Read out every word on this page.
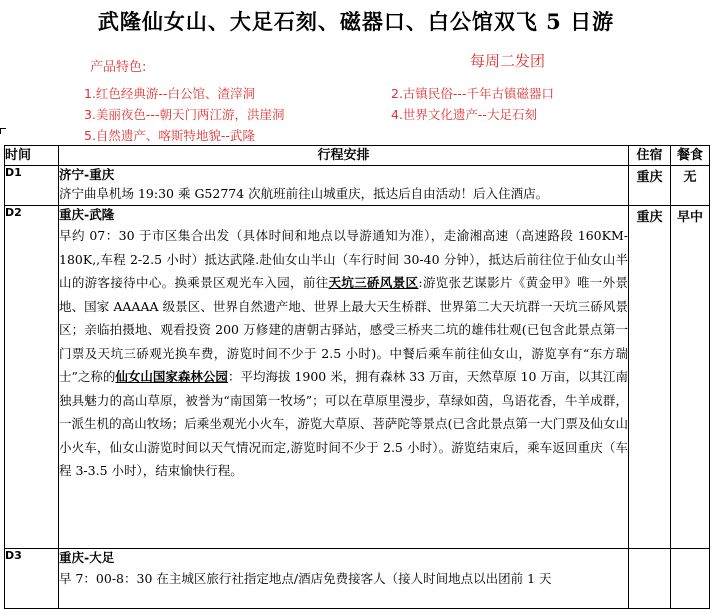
武隆仙女山、大足石刻、磁器口、白公馆双飞 5 日游
产品特色:	每周二发团
1.红色经典游--白公馆、渣滓洞	2.古镇民俗---千年古镇磁器口
3.美丽夜色---朝天门两江游，洪崖洞	4.世界文化遗产--大足石刻
5.自然遗产、喀斯特地貌--武隆
时间	行程安排	住宿	餐食
D1	济宁-重庆
济宁曲阜机场 19:30 乘 G52774 次航班前往山城重庆，抵达后自由活动！后入住酒店。	重庆	无
D2	重庆-武隆
早约 07：30 于市区集合出发（具体时间和地点以导游通知为准），走渝湘高速（高速路段 160KM-180K,,车程 2-2.5 小时）抵达武隆.赴仙女山半山（车行时间 30-40 分钟），抵达后前往位于仙女山半山的游客接待中心。换乘景区观光车入园，前往天坑三硚风景区:游览张艺谋影片《黄金甲》唯一外景地、国家 AAAAA 级景区、世界自然遗产地、世界上最大天生桥群、世界第二大天坑群一天坑三硚风景区；亲临拍摄地、观看投资 200 万修建的唐朝古驿站，感受三桥夹二坑的雄伟壮观(已包含此景点第一门票及天坑三硚观光换车费，游览时间不少于 2.5 小时)。中餐后乘车前往仙女山，游览享有“东方瑞士”之称的仙女山国家森林公园：平均海拔 1900 米，拥有森林 33 万亩，天然草原 10 万亩，以其江南独具魅力的高山草原，被誉为“南国第一牧场”；可以在草原里漫步，草绿如茵，鸟语花香，牛羊成群，一派生机的高山牧场；后乘坐观光小火车，游览大草原、菩萨陀等景点(已含此景点第一大门票及仙女山小火车，仙女山游览时间以天气情况而定,游览时间不少于 2.5 小时）。游览结束后，乘车返回重庆（车程 3-3.5 小时），结束愉快行程。	重庆	早中
D3	重庆-大足
早 7：00-8：30 在主城区旅行社指定地点/酒店免费接客人（接人时间地点以出团前 1 天		
